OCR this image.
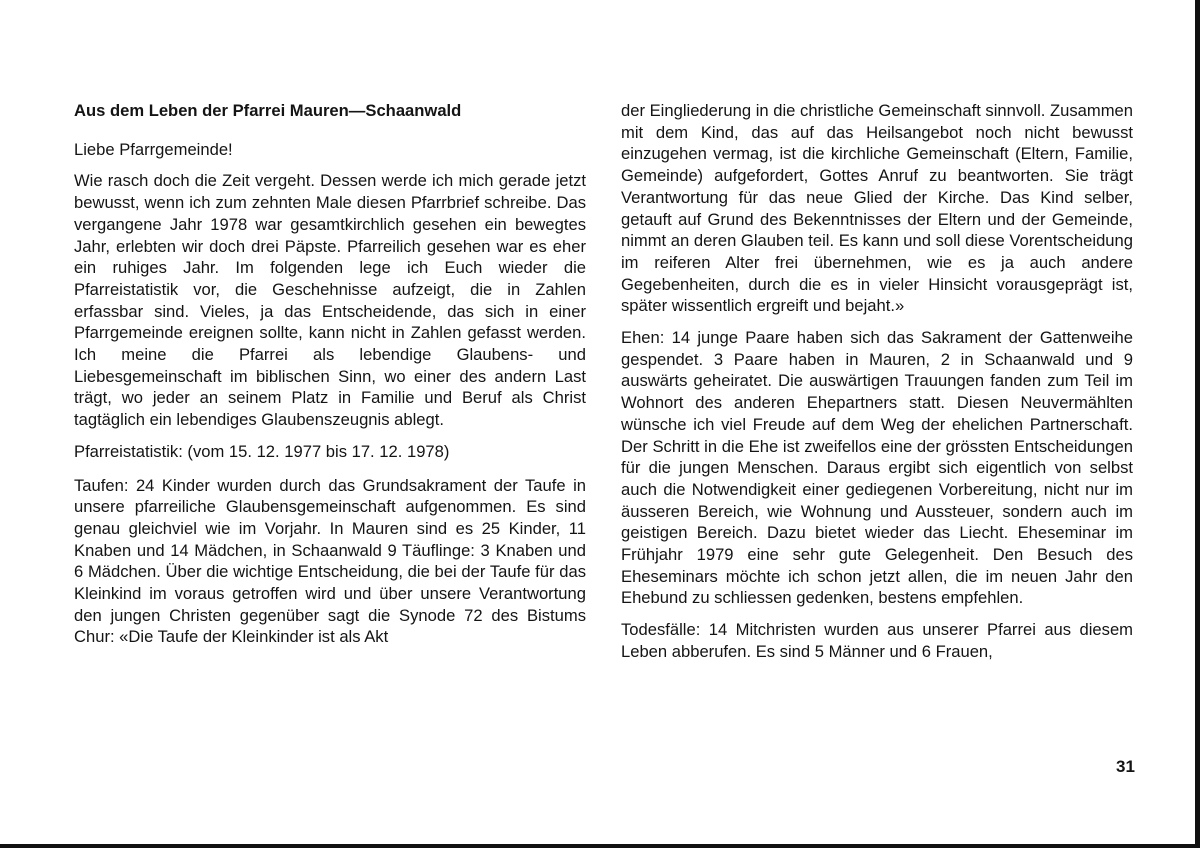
Aus dem Leben der Pfarrei Mauren—Schaanwald

Liebe Pfarrgemeinde!

Wie rasch doch die Zeit vergeht. Dessen werde ich mich gerade jetzt bewusst, wenn ich zum zehnten Male diesen Pfarrbrief schreibe. Das vergangene Jahr 1978 war gesamtkirchlich gesehen ein bewegtes Jahr, erlebten wir doch drei Päpste. Pfarreilich gesehen war es eher ein ruhiges Jahr. Im folgenden lege ich Euch wieder die Pfarreistatistik vor, die Geschehnisse aufzeigt, die in Zahlen erfassbar sind. Vieles, ja das Entscheidende, das sich in einer Pfarrgemeinde ereignen sollte, kann nicht in Zahlen gefasst werden. Ich meine die Pfarrei als lebendige Glaubens- und Liebesgemeinschaft im biblischen Sinn, wo einer des andern Last trägt, wo jeder an seinem Platz in Familie und Beruf als Christ tagtäglich ein lebendiges Glaubenszeugnis ablegt.

Pfarreistatistik: (vom 15. 12. 1977 bis 17. 12. 1978)

Taufen: 24 Kinder wurden durch das Grundsakrament der Taufe in unsere pfarreiliche Glaubensgemeinschaft aufgenommen. Es sind genau gleichviel wie im Vorjahr. In Mauren sind es 25 Kinder, 11 Knaben und 14 Mädchen, in Schaanwald 9 Täuflinge: 3 Knaben und 6 Mädchen. Über die wichtige Entscheidung, die bei der Taufe für das Kleinkind im voraus getroffen wird und über unsere Verantwortung den jungen Christen gegenüber sagt die Synode 72 des Bistums Chur: «Die Taufe der Kleinkinder ist als Akt

der Eingliederung in die christliche Gemeinschaft sinnvoll. Zusammen mit dem Kind, das auf das Heilsangebot noch nicht bewusst einzugehen vermag, ist die kirchliche Gemeinschaft (Eltern, Familie, Gemeinde) aufgefordert, Gottes Anruf zu beantworten. Sie trägt Verantwortung für das neue Glied der Kirche. Das Kind selber, getauft auf Grund des Bekenntnisses der Eltern und der Gemeinde, nimmt an deren Glauben teil. Es kann und soll diese Vorentscheidung im reiferen Alter frei übernehmen, wie es ja auch andere Gegebenheiten, durch die es in vieler Hinsicht vorausgeprägt ist, später wissentlich ergreift und bejaht.»

Ehen: 14 junge Paare haben sich das Sakrament der Gattenweihe gespendet. 3 Paare haben in Mauren, 2 in Schaanwald und 9 auswärts geheiratet. Die auswärtigen Trauungen fanden zum Teil im Wohnort des anderen Ehepartners statt. Diesen Neuvermählten wünsche ich viel Freude auf dem Weg der ehelichen Partnerschaft. Der Schritt in die Ehe ist zweifellos eine der grössten Entscheidungen für die jungen Menschen. Daraus ergibt sich eigentlich von selbst auch die Notwendigkeit einer gediegenen Vorbereitung, nicht nur im äusseren Bereich, wie Wohnung und Aussteuer, sondern auch im geistigen Bereich. Dazu bietet wieder das Liecht. Eheseminar im Frühjahr 1979 eine sehr gute Gelegenheit. Den Besuch des Eheseminars möchte ich schon jetzt allen, die im neuen Jahr den Ehebund zu schliessen gedenken, bestens empfehlen.

Todesfälle: 14 Mitchristen wurden aus unserer Pfarrei aus diesem Leben abberufen. Es sind 5 Männer und 6 Frauen,

31
